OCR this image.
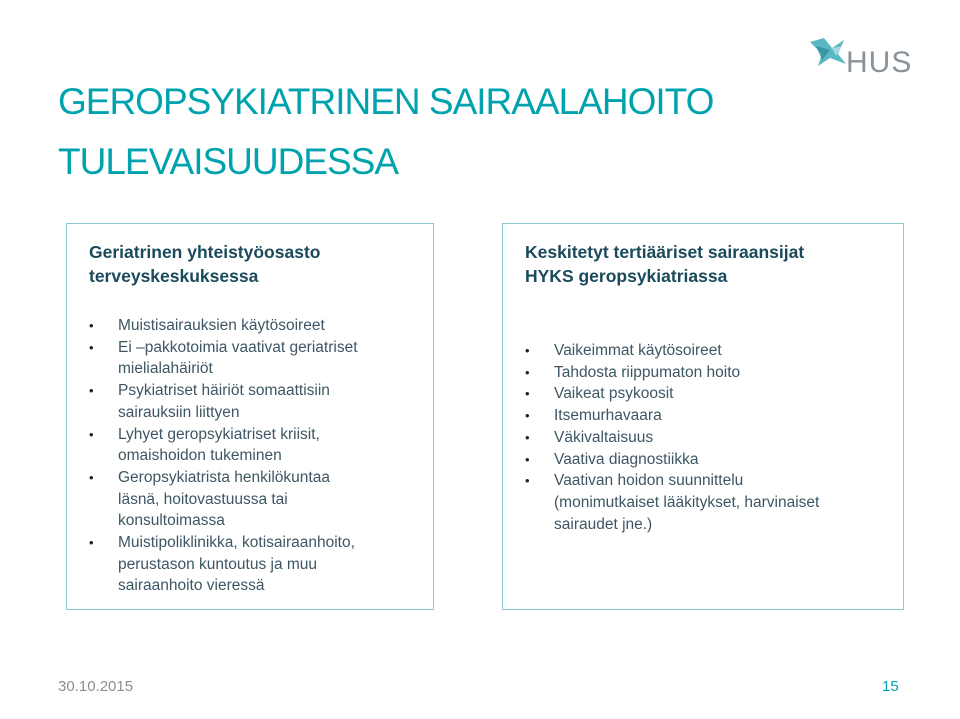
HUS
GEROPSYKIATRINEN SAIRAALAHOITO
TULEVAISUUDESSA
Geriatrinen yhteistyöosasto
terveyskeskuksessa
• Muistisairauksien käytösoireet
• Ei –pakkotoimia vaativat geriatriset
mielialahäiriöt
• Psykiatriset häiriöt somaattisiin
sairauksiin liittyen
• Lyhyet geropsykiatriset kriisit,
omaishoidon tukeminen
• Geropsykiatrista henkilökuntaa
läsnä, hoitovastuussa tai
konsultoimassa
• Muistipoliklinikka, kotisairaanhoito,
perustason kuntoutus ja muu
sairaanhoito vieressä
Keskitetyt tertiääriset sairaansijat
HYKS geropsykiatriassa
• Vaikeimmat käytösoireet
• Tahdosta riippumaton hoito
• Vaikeat psykoosit
• Itsemurhavaara
• Väkivaltaisuus
• Vaativa diagnostiikka
• Vaativan hoidon suunnittelu
(monimutkaiset lääkitykset, harvinaiset
sairaudet jne.)
30.10.2015	15
